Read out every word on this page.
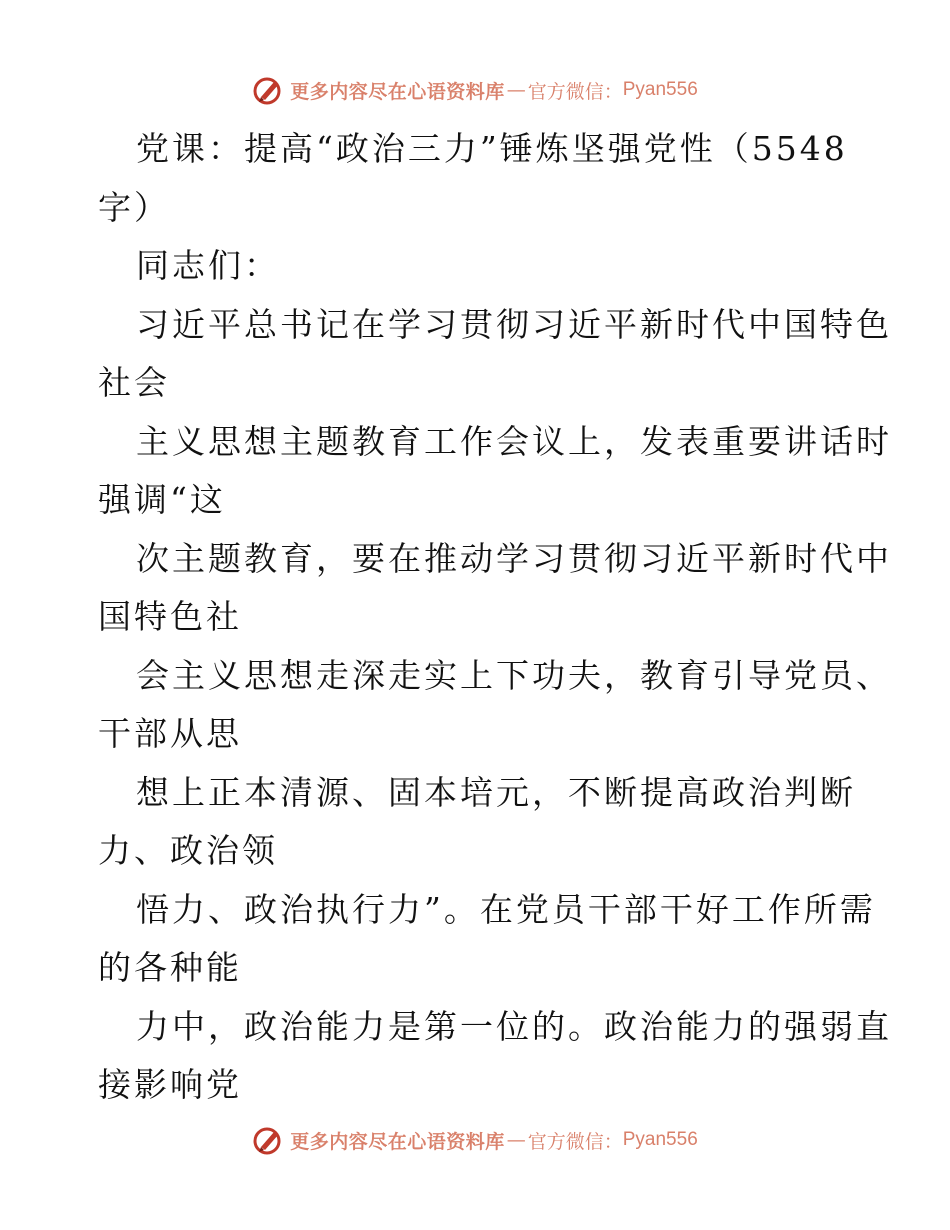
更多内容尽在心语资料库 — 官方微信： Pyan556
党课：提高“政治三力”锤炼坚强党性（5548
字）
同志们：
习近平总书记在学习贯彻习近平新时代中国特色
社会
主义思想主题教育工作会议上，发表重要讲话时
强调“这
次主题教育，要在推动学习贯彻习近平新时代中
国特色社
会主义思想走深走实上下功夫，教育引导党员、
干部从思
想上正本清源、固本培元，不断提高政治判断
力、政治领
悟力、政治执行力”。在党员干部干好工作所需
的各种能
力中，政治能力是第一位的。政治能力的强弱直
接影响党
更多内容尽在心语资料库 — 官方微信： Pyan556
